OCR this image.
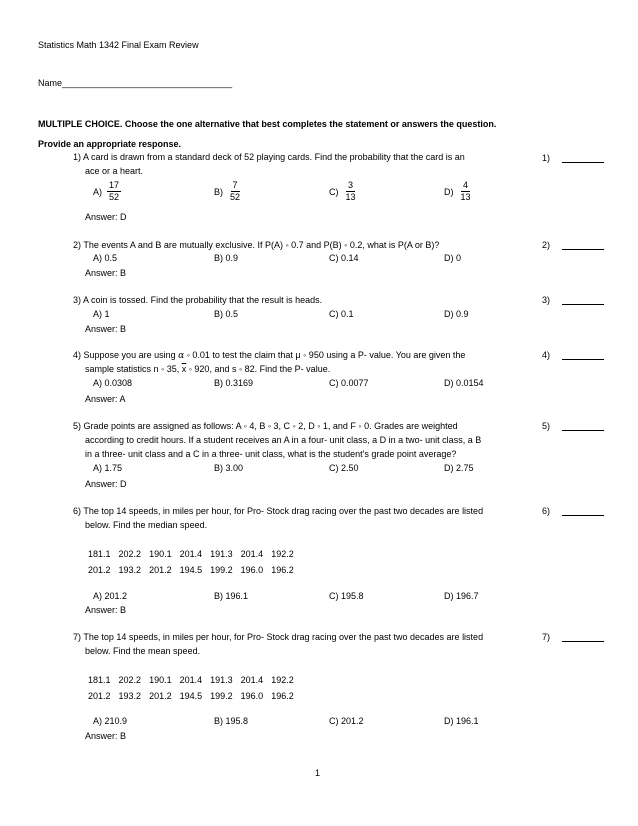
Statistics Math 1342 Final Exam Review
Name__________________________________
MULTIPLE CHOICE. Choose the one alternative that best completes the statement or answers the question.
Provide an appropriate response.
1) A card is drawn from a standard deck of 52 playing cards. Find the probability that the card is an
ace or a heart.
$A) \frac{17}{52}$	$B) \frac{7}{52}$	$C) \frac{3}{13}$	$D) \frac{4}{13}$
Answer: D
1)
2) The events A and B are mutually exclusive. If P(A) ◦ 0.7 and P(B) ◦ 0.2, what is P(A or B)?
A) 0.5	B) 0.9	C) 0.14	D) 0
Answer: B
2)
3) A coin is tossed. Find the probability that the result is heads.
A) 1	B) 0.5	C) 0.1	D) 0.9
Answer: B
3)
4) Suppose you are using α ◦ 0.01 to test the claim that μ ◦ 950 using a P- value. You are given the
sample statistics n ◦ 35, $\overline{x}$ ◦ 920, and s ◦ 82. Find the P- value.
A) 0.0308	B) 0.3169	C) 0.0077	D) 0.0154
Answer: A
4)
5) Grade points are assigned as follows: A ◦ 4, B ◦ 3, C ◦ 2, D ◦ 1, and F ◦ 0. Grades are weighted
according to credit hours. If a student receives an A in a four- unit class, a D in a two- unit class, a B
in a three- unit class and a C in a three- unit class, what is the student's grade point average?
A) 1.75	B) 3.00	C) 2.50	D) 2.75
Answer: D
5)
6) The top 14 speeds, in miles per hour, for Pro- Stock drag racing over the past two decades are listed
below. Find the median speed.
181.1	202.2	190.1	201.4	191.3	201.4	192.2
201.2	193.2	201.2	194.5	199.2	196.0	196.2
A) 201.2	B) 196.1	C) 195.8	D) 196.7
Answer: B
6)
7) The top 14 speeds, in miles per hour, for Pro- Stock drag racing over the past two decades are listed
below. Find the mean speed.
181.1	202.2	190.1	201.4	191.3	201.4	192.2
201.2	193.2	201.2	194.5	199.2	196.0	196.2
A) 210.9	B) 195.8	C) 201.2	D) 196.1
Answer: B
7)
1
